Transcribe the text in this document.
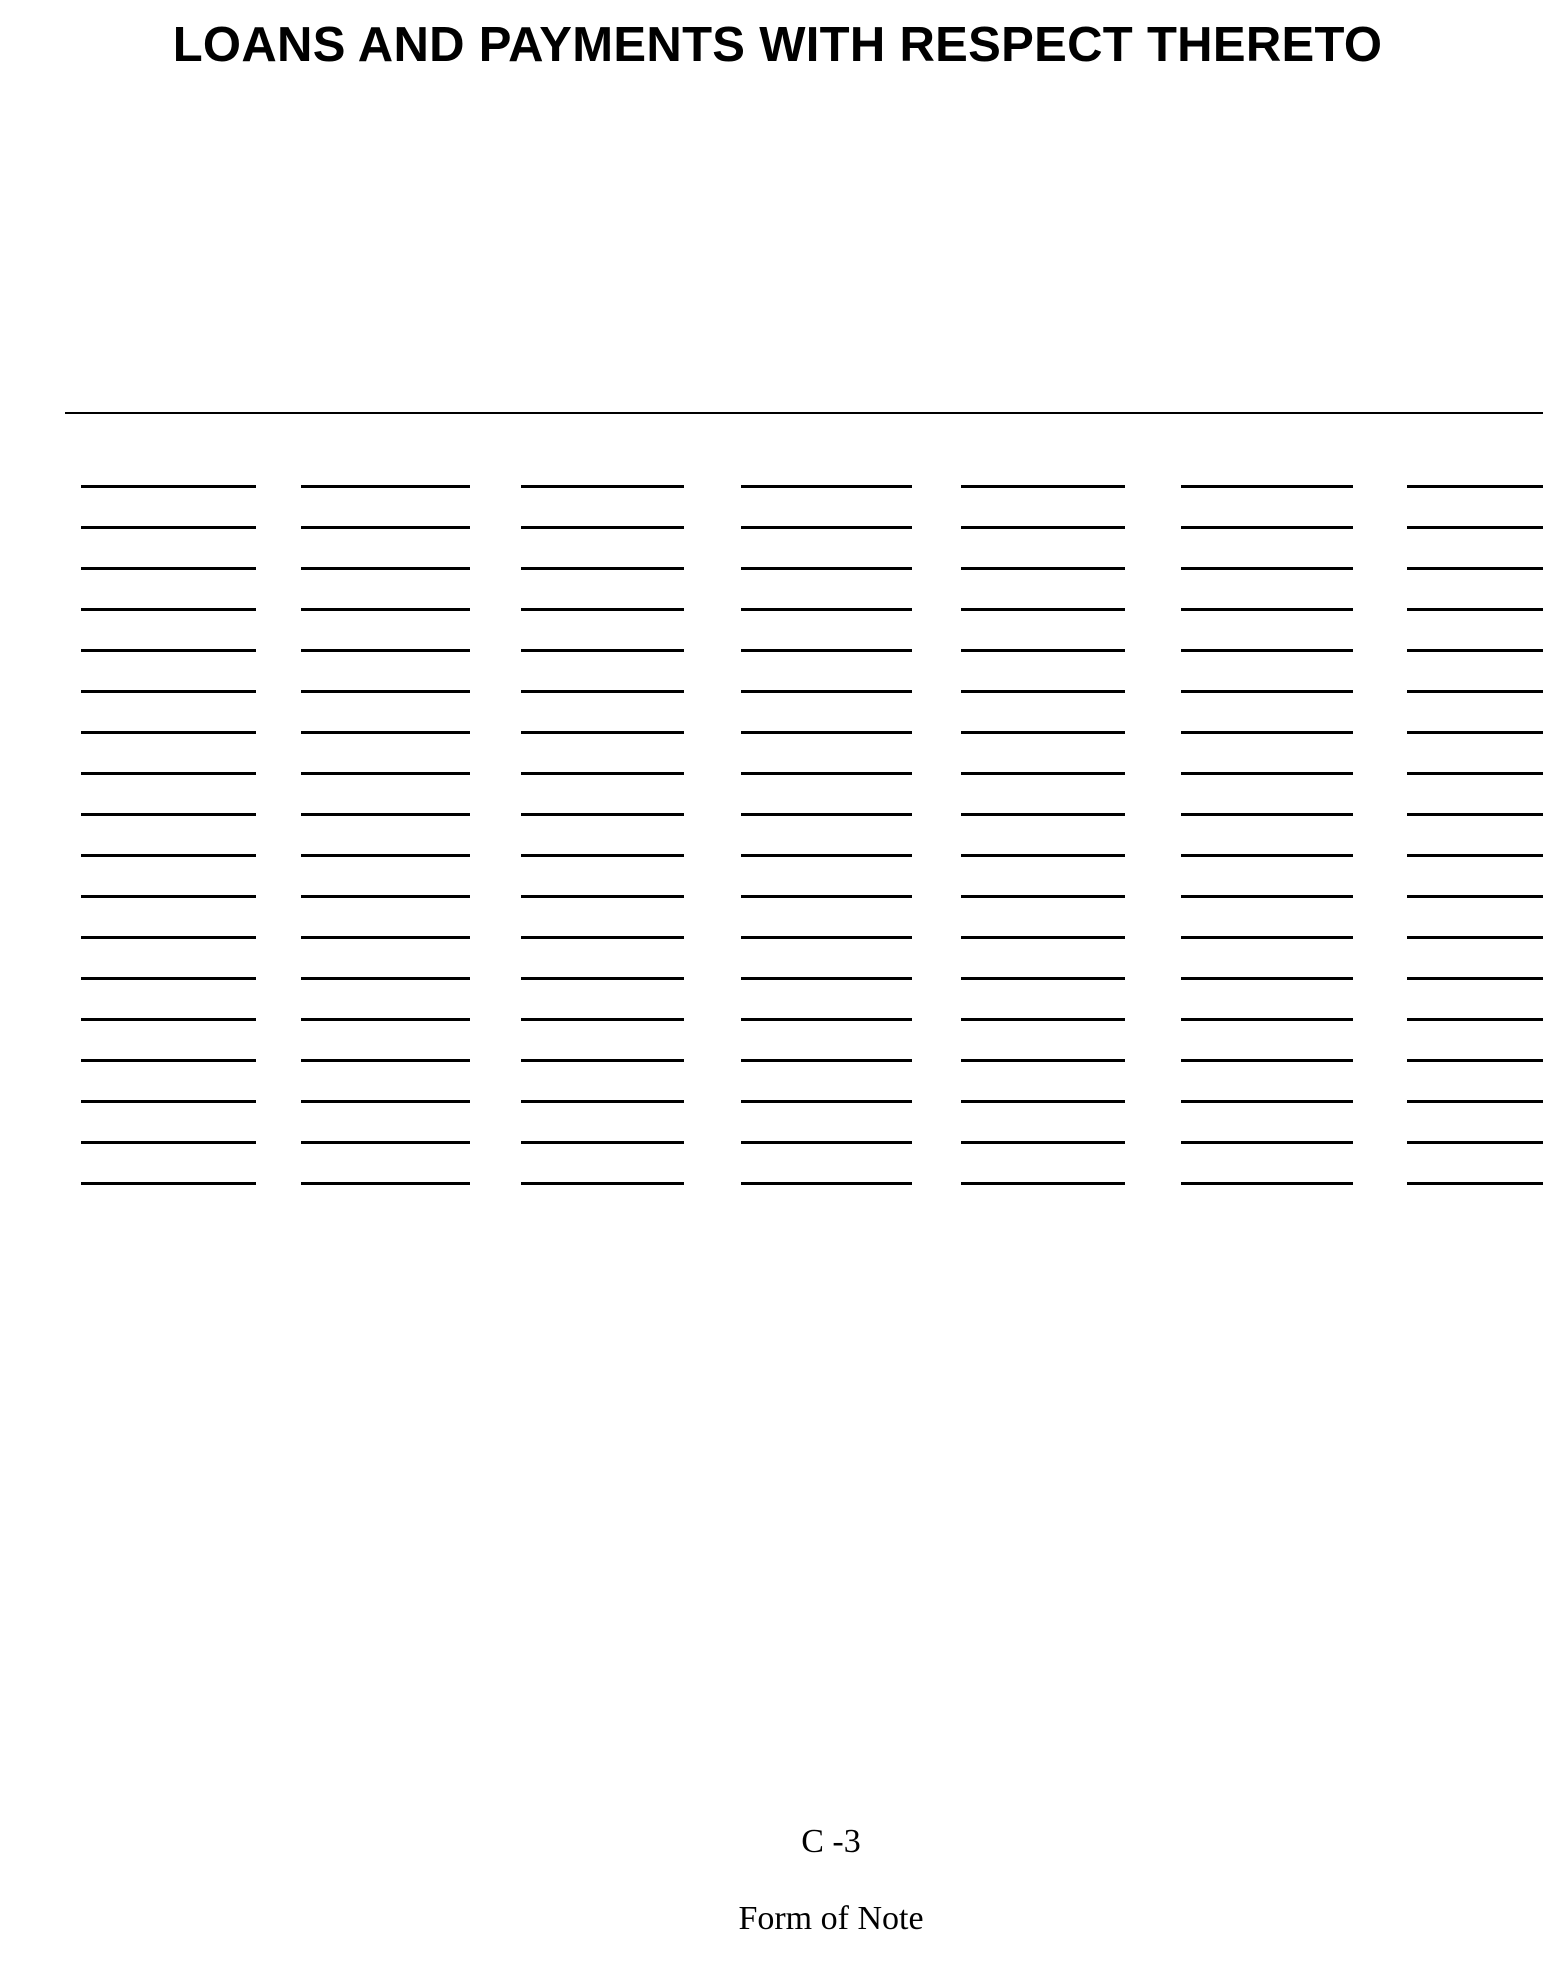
LOANS AND PAYMENTS WITH RESPECT THERETO
C -3
Form of Note
